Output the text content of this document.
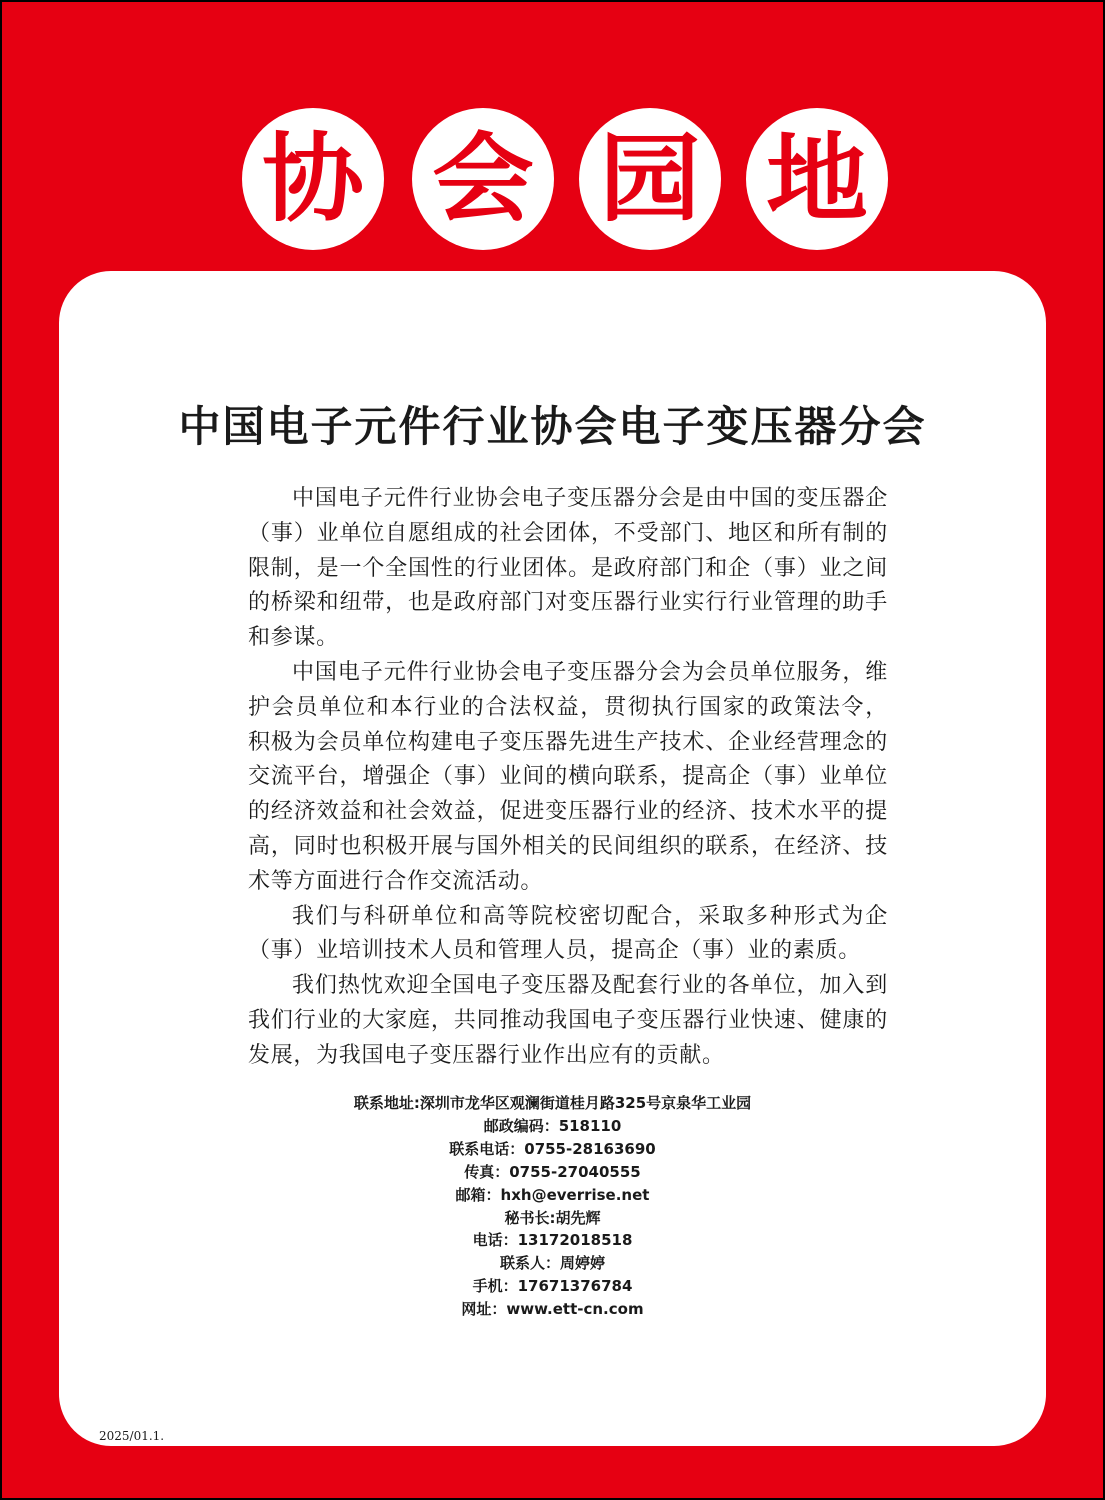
协 会 园 地
中国电子元件行业协会电子变压器分会

中国电子元件行业协会电子变压器分会是由中国的变压器企（事）业单位自愿组成的社会团体，不受部门、地区和所有制的限制，是一个全国性的行业团体。是政府部门和企（事）业之间的桥梁和纽带，也是政府部门对变压器行业实行行业管理的助手和参谋。

中国电子元件行业协会电子变压器分会为会员单位服务，维护会员单位和本行业的合法权益，贯彻执行国家的政策法令， 积极为会员单位构建电子变压器先进生产技术、企业经营理念的交流平台，增强企（事）业间的横向联系，提高企（事）业单位的经济效益和社会效益，促进变压器行业的经济、技术水平的提高，同时也积极开展与国外相关的民间组织的联系，在经济、技术等方面进行合作交流活动。

我们与科研单位和高等院校密切配合，采取多种形式为企（事）业培训技术人员和管理人员，提高企（事）业的素质。

我们热忱欢迎全国电子变压器及配套行业的各单位，加入到我们行业的大家庭，共同推动我国电子变压器行业快速、健康的发展，为我国电子变压器行业作出应有的贡献。

联系地址:深圳市龙华区观澜街道桂月路325号京泉华工业园

邮政编码：518110

联系电话：0755-28163690

传真：0755-27040555

邮箱：hxh@everrise.net

秘书长:胡先辉

电话：13172018518

联系人：周婷婷

手机：17671376784

网址：www.ett-cn.com

2025/01.1.
